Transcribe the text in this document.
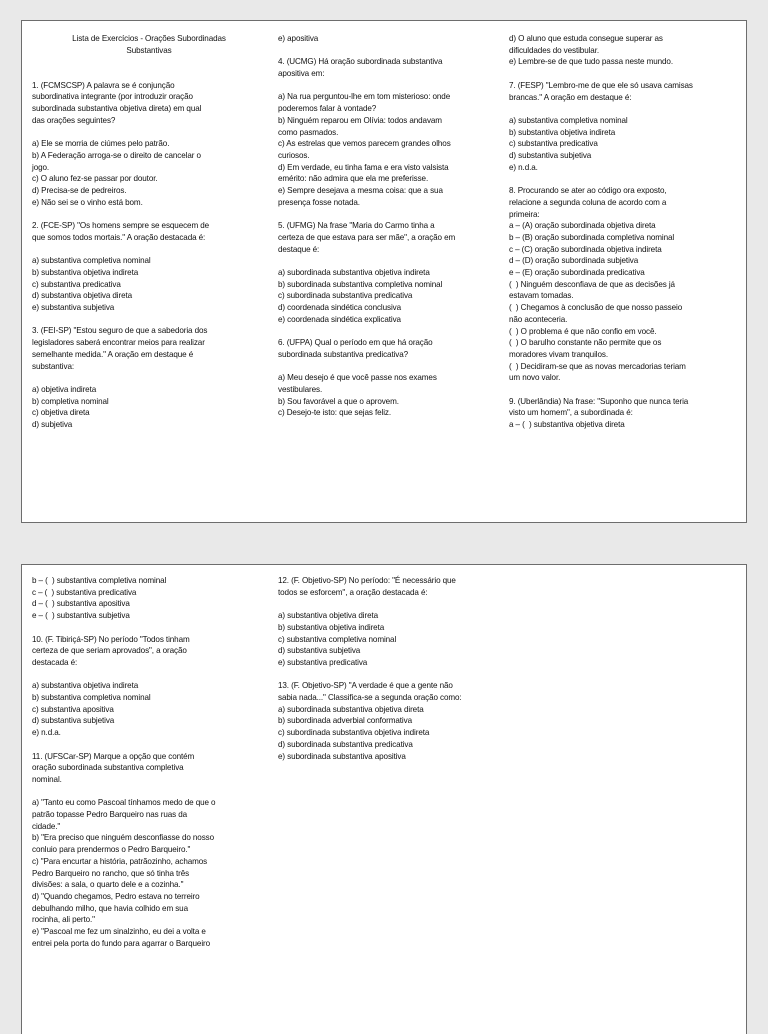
Lista de Exercícios - Orações Subordinadas
Substantivas
1. (FCMSCSP) A palavra se é conjunção
subordinativa integrante (por introduzir oração
subordinada substantiva objetiva direta) em qual
das orações seguintes?
a) Ele se morria de ciúmes pelo patrão.
b) A Federação arroga-se o direito de cancelar o
jogo.
c) O aluno fez-se passar por doutor.
d) Precisa-se de pedreiros.
e) Não sei se o vinho está bom.
2. (FCE-SP) "Os homens sempre se esquecem de
que somos todos mortais." A oração destacada é:
a) substantiva completiva nominal
b) substantiva objetiva indireta
c) substantiva predicativa
d) substantiva objetiva direta
e) substantiva subjetiva
3. (FEI-SP) "Estou seguro de que a sabedoria dos
legisladores saberá encontrar meios para realizar
semelhante medida." A oração em destaque é
substantiva:
a) objetiva indireta
b) completiva nominal
c) objetiva direta
d) subjetiva
e) apositiva
4. (UCMG) Há oração subordinada substantiva
apositiva em:
a) Na rua perguntou-lhe em tom misterioso: onde
poderemos falar à vontade?
b) Ninguém reparou em Olívia: todos andavam
como pasmados.
c) As estrelas que vemos parecem grandes olhos
curiosos.
d) Em verdade, eu tinha fama e era visto valsista
emérito: não admira que ela me preferisse.
e) Sempre desejava a mesma coisa: que a sua
presença fosse notada.
5. (UFMG) Na frase "Maria do Carmo tinha a
certeza de que estava para ser mãe", a oração em
destaque é:
a) subordinada substantiva objetiva indireta
b) subordinada substantiva completiva nominal
c) subordinada substantiva predicativa
d) coordenada sindética conclusiva
e) coordenada sindética explicativa
6. (UFPA) Qual o período em que há oração
subordinada substantiva predicativa?
a) Meu desejo é que você passe nos exames
vestibulares.
b) Sou favorável a que o aprovem.
c) Desejo-te isto: que sejas feliz.
d) O aluno que estuda consegue superar as
dificuldades do vestibular.
e) Lembre-se de que tudo passa neste mundo.
7. (FESP) "Lembro-me de que ele só usava camisas
brancas." A oração em destaque é:
a) substantiva completiva nominal
b) substantiva objetiva indireta
c) substantiva predicativa
d) substantiva subjetiva
e) n.d.a.
8. Procurando se ater ao código ora exposto,
relacione a segunda coluna de acordo com a
primeira:
a – (A) oração subordinada objetiva direta
b – (B) oração subordinada completiva nominal
c – (C) oração subordinada objetiva indireta
d – (D) oração subordinada subjetiva
e – (E) oração subordinada predicativa
(  ) Ninguém desconfiava de que as decisões já
estavam tomadas.
(  ) Chegamos à conclusão de que nosso passeio
não aconteceria.
(  ) O problema é que não confio em você.
(  ) O barulho constante não permite que os
moradores vivam tranquilos.
(  ) Decidiram-se que as novas mercadorias teriam
um novo valor.
9. (Uberlândia) Na frase: "Suponho que nunca teria
visto um homem", a subordinada é:
a – (  ) substantiva objetiva direta
b – (  ) substantiva completiva nominal
c – (  ) substantiva predicativa
d – (  ) substantiva apositiva
e – (  ) substantiva subjetiva
10. (F. Tibiriçá-SP) No período "Todos tinham
certeza de que seriam aprovados", a oração
destacada é:
a) substantiva objetiva indireta
b) substantiva completiva nominal
c) substantiva apositiva
d) substantiva subjetiva
e) n.d.a.
11. (UFSCar-SP) Marque a opção que contém
oração subordinada substantiva completiva
nominal.
a) "Tanto eu como Pascoal tínhamos medo de que o
patrão topasse Pedro Barqueiro nas ruas da
cidade."
b) "Era preciso que ninguém desconfiasse do nosso
conluio para prendermos o Pedro Barqueiro."
c) "Para encurtar a história, patrãozinho, achamos
Pedro Barqueiro no rancho, que só tinha três
divisões: a sala, o quarto dele e a cozinha."
d) "Quando chegamos, Pedro estava no terreiro
debulhando milho, que havia colhido em sua
rocinha, ali perto."
e) "Pascoal me fez um sinalzinho, eu dei a volta e
entrei pela porta do fundo para agarrar o Barqueiro
12. (F. Objetivo-SP) No período: "É necessário que
todos se esforcem", a oração destacada é:
a) substantiva objetiva direta
b) substantiva objetiva indireta
c) substantiva completiva nominal
d) substantiva subjetiva
e) substantiva predicativa
13. (F. Objetivo-SP) "A verdade é que a gente não
sabia nada..." Classifica-se a segunda oração como:
a) subordinada substantiva objetiva direta
b) subordinada adverbial conformativa
c) subordinada substantiva objetiva indireta
d) subordinada substantiva predicativa
e) subordinada substantiva apositiva
